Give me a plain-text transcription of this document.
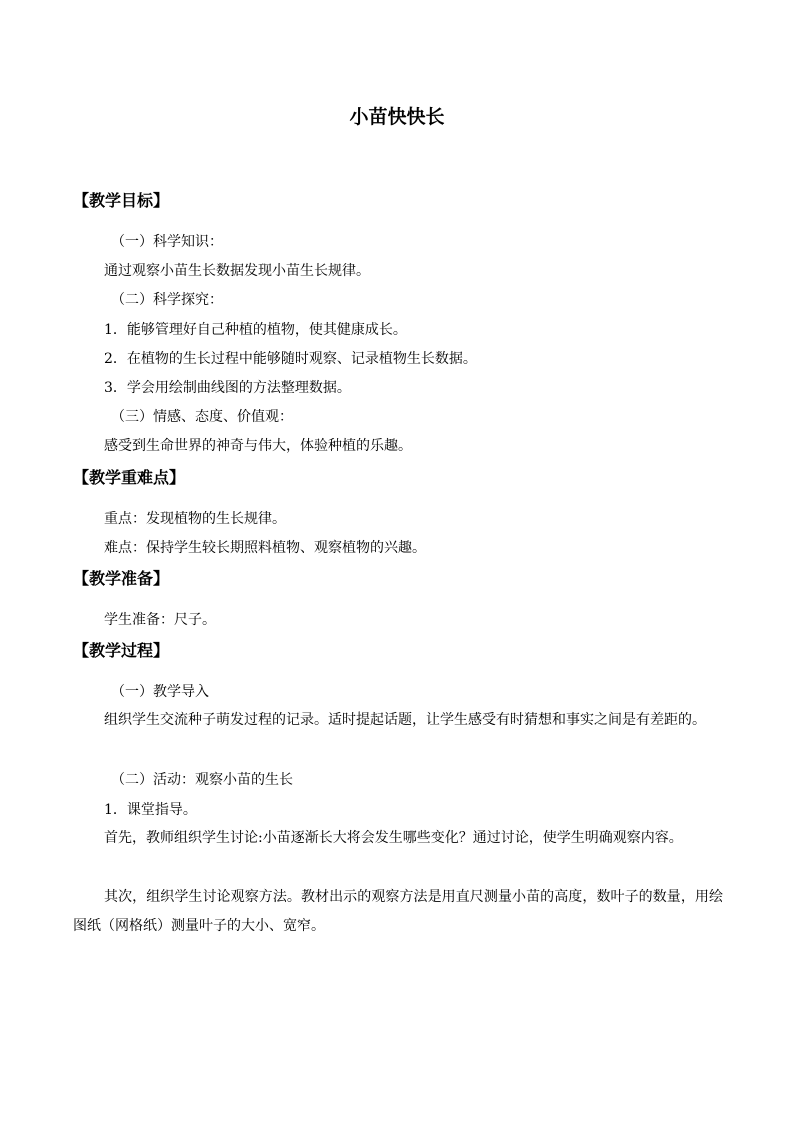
小苗快快长
【教学目标】
（一）科学知识：
通过观察小苗生长数据发现小苗生长规律。
（二）科学探究：
1．能够管理好自己种植的植物，使其健康成长。
2．在植物的生长过程中能够随时观察、记录植物生长数据。
3．学会用绘制曲线图的方法整理数据。
（三）情感、态度、价值观：
感受到生命世界的神奇与伟大，体验种植的乐趣。
【教学重难点】
重点：发现植物的生长规律。
难点：保持学生较长期照料植物、观察植物的兴趣。
【教学准备】
学生准备：尺子。
【教学过程】
（一）教学导入
组织学生交流种子萌发过程的记录。适时提起话题，让学生感受有时猜想和事实之间是有差距的。
（二）活动：观察小苗的生长
1．课堂指导。
首先，教师组织学生讨论:小苗逐渐长大将会发生哪些变化？通过讨论，使学生明确观察内容。
其次，组织学生讨论观察方法。教材出示的观察方法是用直尺测量小苗的高度，数叶子的数量，用绘图纸（网格纸）测量叶子的大小、宽窄。
